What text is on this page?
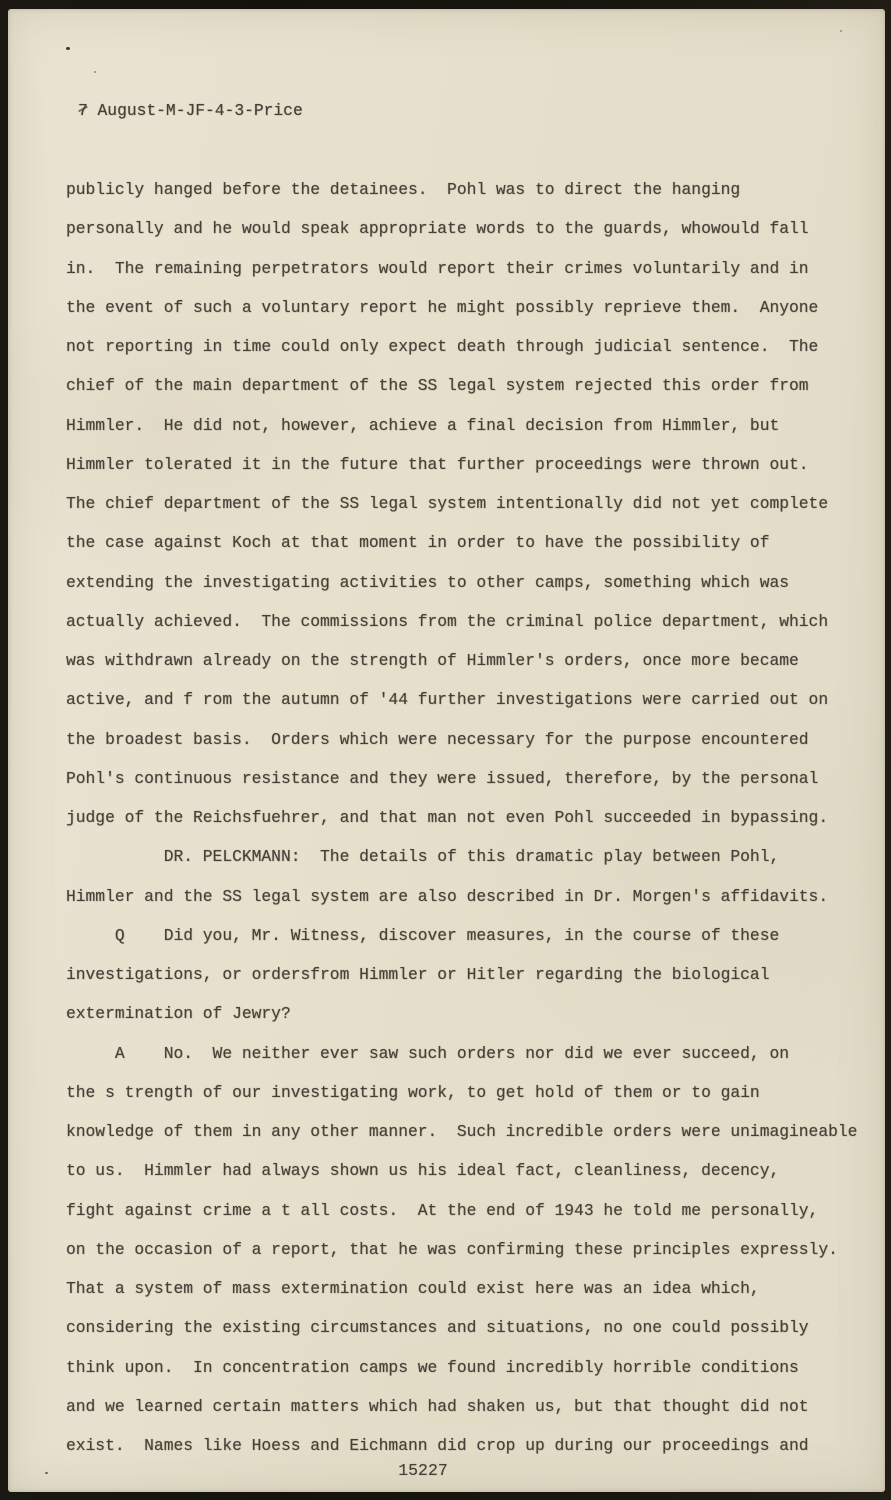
7 August-M-JF-4-3-Price
publicly hanged before the detainees.  Pohl was to direct the hanging
personally and he would speak appropriate words to the guards, whowould fall
in.  The remaining perpetrators would report their crimes voluntarily and in
the event of such a voluntary report he might possibly reprieve them.  Anyone
not reporting in time could only expect death through judicial sentence.  The
chief of the main department of the SS legal system rejected this order from
Himmler.  He did not, however, achieve a final decision from Himmler, but
Himmler tolerated it in the future that further proceedings were thrown out.
The chief department of the SS legal system intentionally did not yet complete
the case against Koch at that moment in order to have the possibility of
extending the investigating activities to other camps, something which was
actually achieved.  The commissions from the criminal police department, which
was withdrawn already on the strength of Himmler's orders, once more became
active, and f rom the autumn of '44 further investigations were carried out on
the broadest basis.  Orders which were necessary for the purpose encountered
Pohl's continuous resistance and they were issued, therefore, by the personal
judge of the Reichsfuehrer, and that man not even Pohl succeeded in bypassing.
DR. PELCKMANN:  The details of this dramatic play between Pohl,
Himmler and the SS legal system are also described in Dr. Morgen's affidavits.
Q    Did you, Mr. Witness, discover measures, in the course of these
investigations, or ordersfrom Himmler or Hitler regarding the biological
extermination of Jewry?
A    No.  We neither ever saw such orders nor did we ever succeed, on
the s trength of our investigating work, to get hold of them or to gain
knowledge of them in any other manner.  Such incredible orders were unimagineable
to us.  Himmler had always shown us his ideal fact, cleanliness, decency,
fight against crime a t all costs.  At the end of 1943 he told me personally,
on the occasion of a report, that he was confirming these principles expressly.
That a system of mass extermination could exist here was an idea which,
considering the existing circumstances and situations, no one could possibly
think upon.  In concentration camps we found incredibly horrible conditions
and we learned certain matters which had shaken us, but that thought did not
exist.  Names like Hoess and Eichmann did crop up during our proceedings and
15227
